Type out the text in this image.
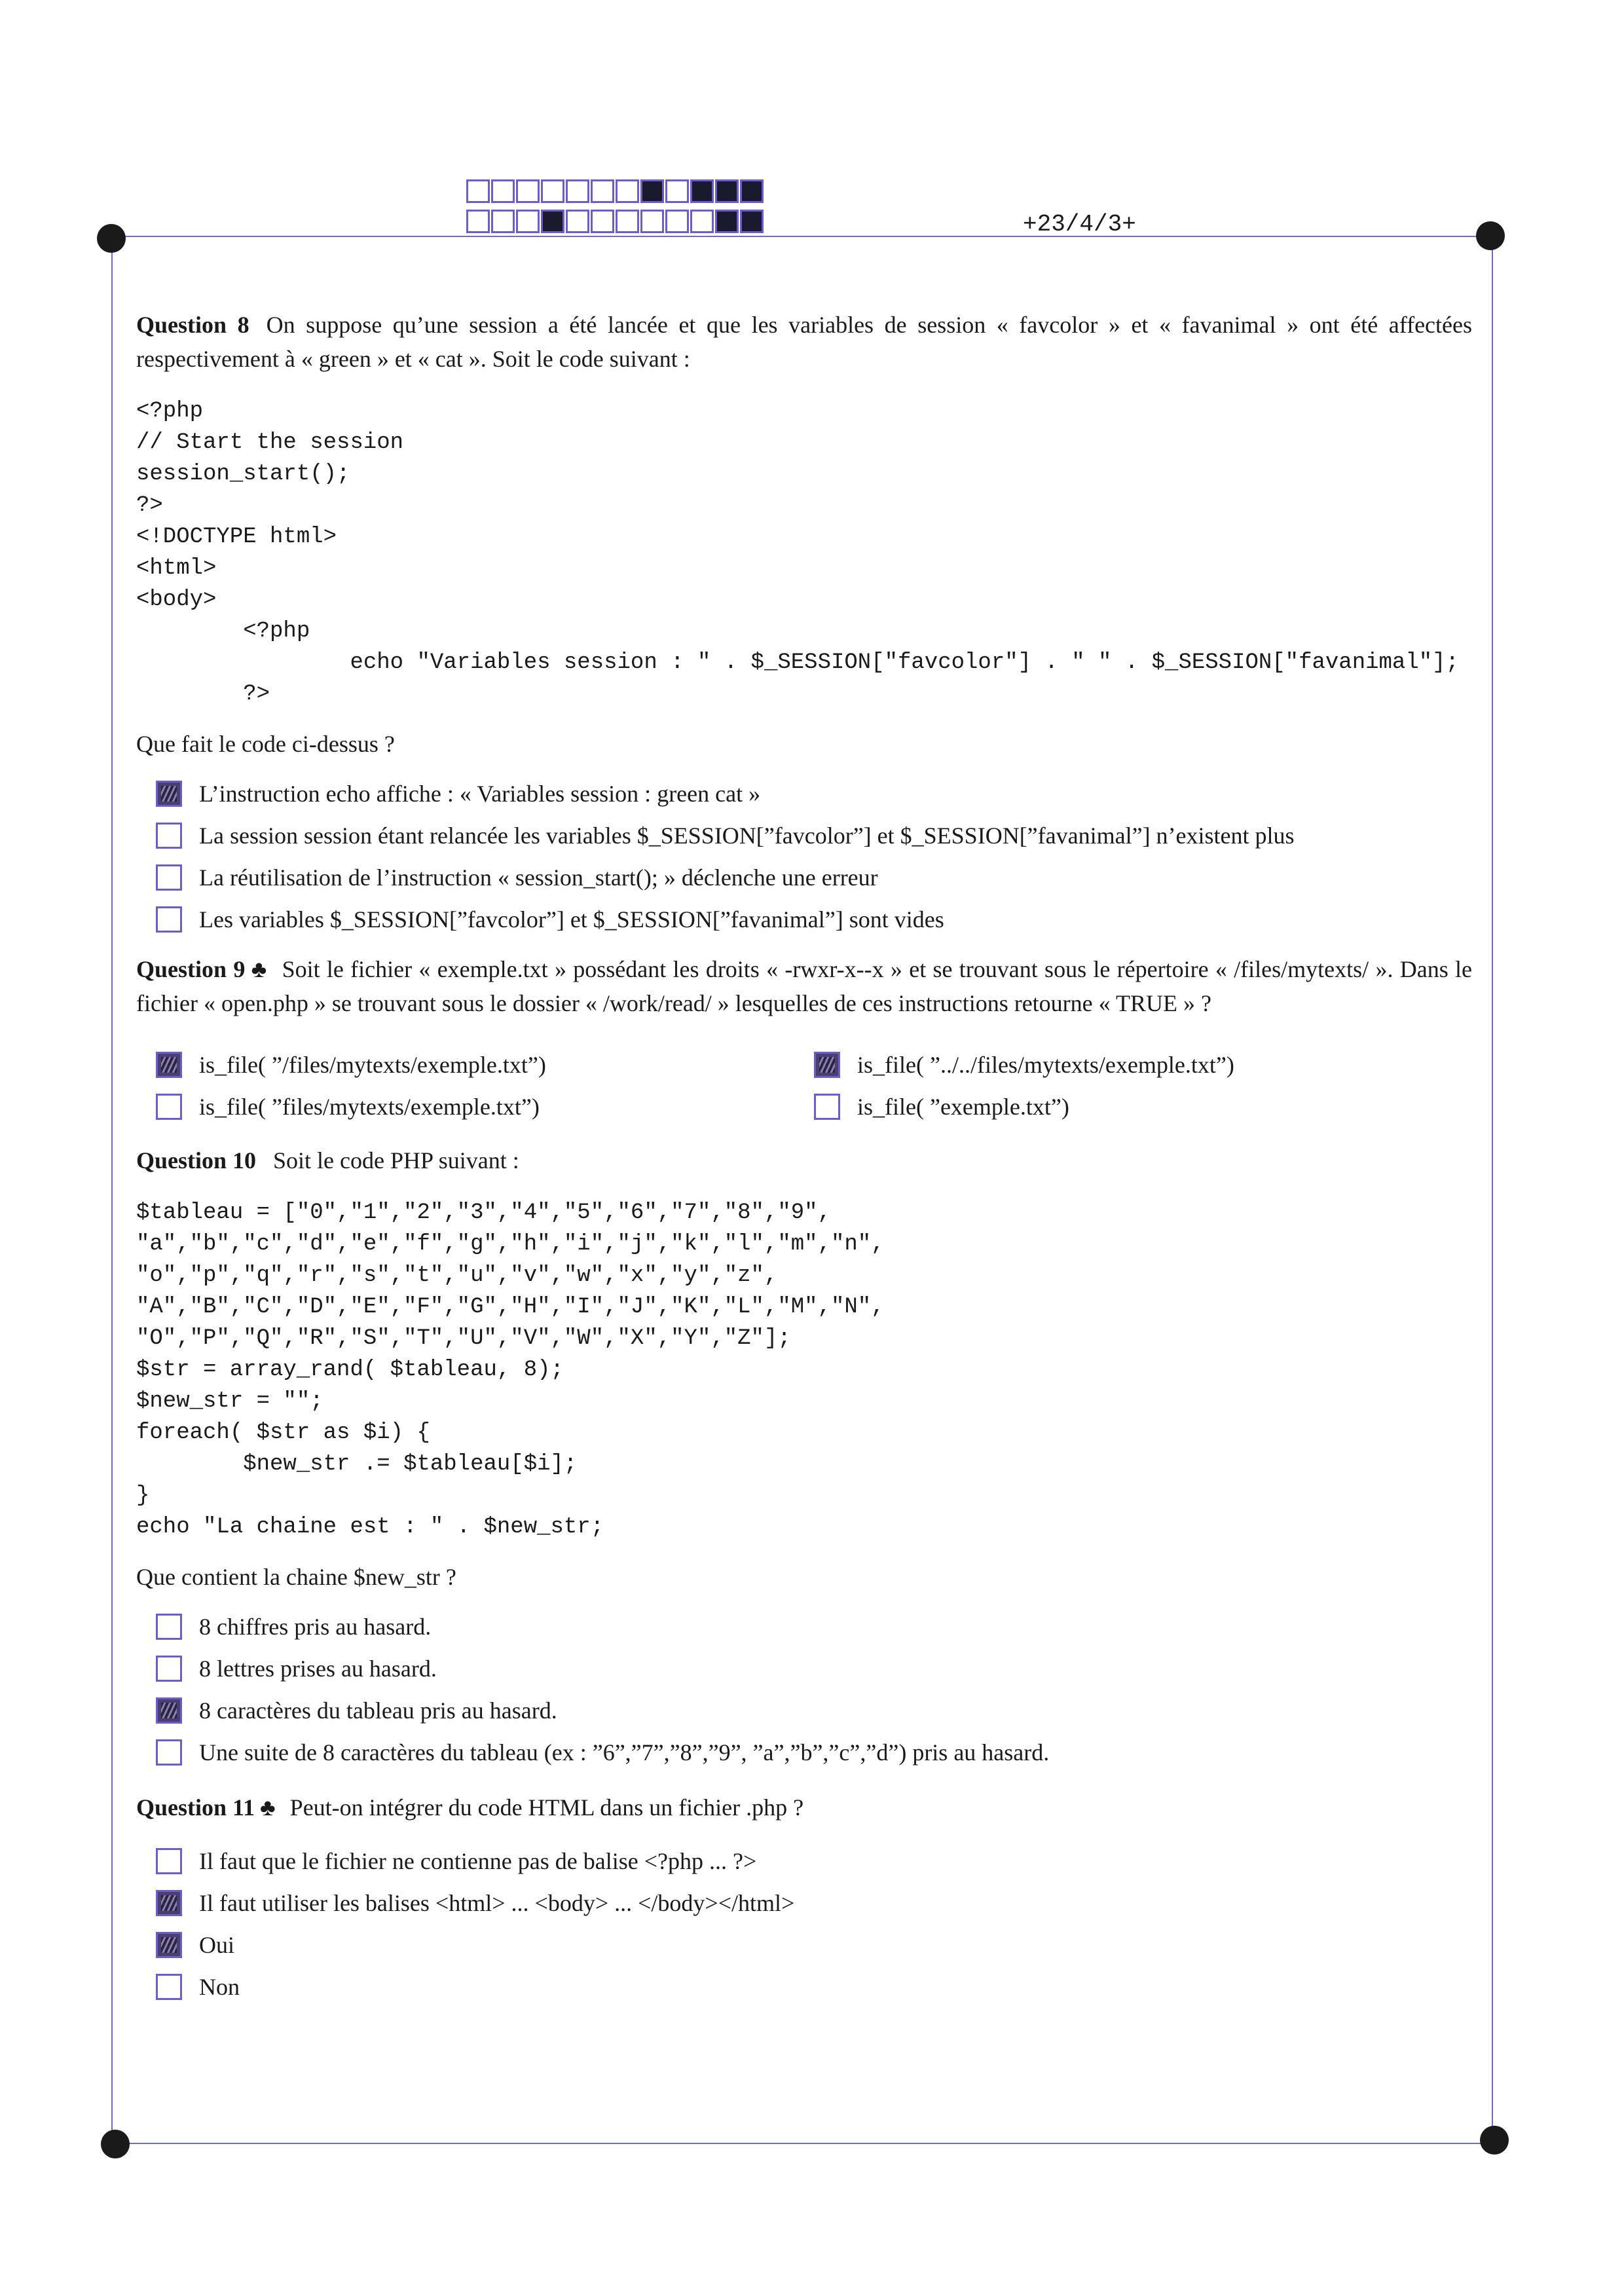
+23/4/3+

Question 8 On suppose qu’une session a été lancée et que les variables de session « favcolor » et « favanimal » ont été affectées respectivement à « green » et « cat ». Soit le code suivant :

<?php
// Start the session
session_start();
?>
<!DOCTYPE html>
<html>
<body>
<?php
echo "Variables session : " . $_SESSION["favcolor"] . " " . $_SESSION["favanimal"];
?>

Que fait le code ci-dessus ?

L’instruction echo affiche : « Variables session : green cat »
La session session étant relancée les variables $_SESSION[”favcolor”] et $_SESSION[”favanimal”] n’existent plus
La réutilisation de l’instruction « session_start(); » déclenche une erreur
Les variables $_SESSION[”favcolor”] et $_SESSION[”favanimal”] sont vides

Question 9 ♣ Soit le fichier « exemple.txt » possédant les droits « -rwxr-x--x » et se trouvant sous le répertoire « /files/mytexts/ ». Dans le fichier « open.php » se trouvant sous le dossier « /work/read/ » lesquelles de ces instructions retourne « TRUE » ?

is_file( ”/files/mytexts/exemple.txt”)
is_file( ”files/mytexts/exemple.txt”)
is_file( ”../../files/mytexts/exemple.txt”)
is_file( ”exemple.txt”)

Question 10 Soit le code PHP suivant :

$tableau = ["0","1","2","3","4","5","6","7","8","9",
"a","b","c","d","e","f","g","h","i","j","k","l","m","n",
"o","p","q","r","s","t","u","v","w","x","y","z",
"A","B","C","D","E","F","G","H","I","J","K","L","M","N",
"O","P","Q","R","S","T","U","V","W","X","Y","Z"];
$str = array_rand( $tableau, 8);
$new_str = "";
foreach( $str as $i) {
$new_str .= $tableau[$i];
}
echo "La chaine est : " . $new_str;

Que contient la chaine $new_str ?

8 chiffres pris au hasard.
8 lettres prises au hasard.
8 caractères du tableau pris au hasard.
Une suite de 8 caractères du tableau (ex : ”6”,”7”,”8”,”9”, ”a”,”b”,”c”,”d”) pris au hasard.

Question 11 ♣ Peut-on intégrer du code HTML dans un fichier .php ?

Il faut que le fichier ne contienne pas de balise <?php ... ?>
Il faut utiliser les balises <html> ... <body> ... </body></html>
Oui
Non
